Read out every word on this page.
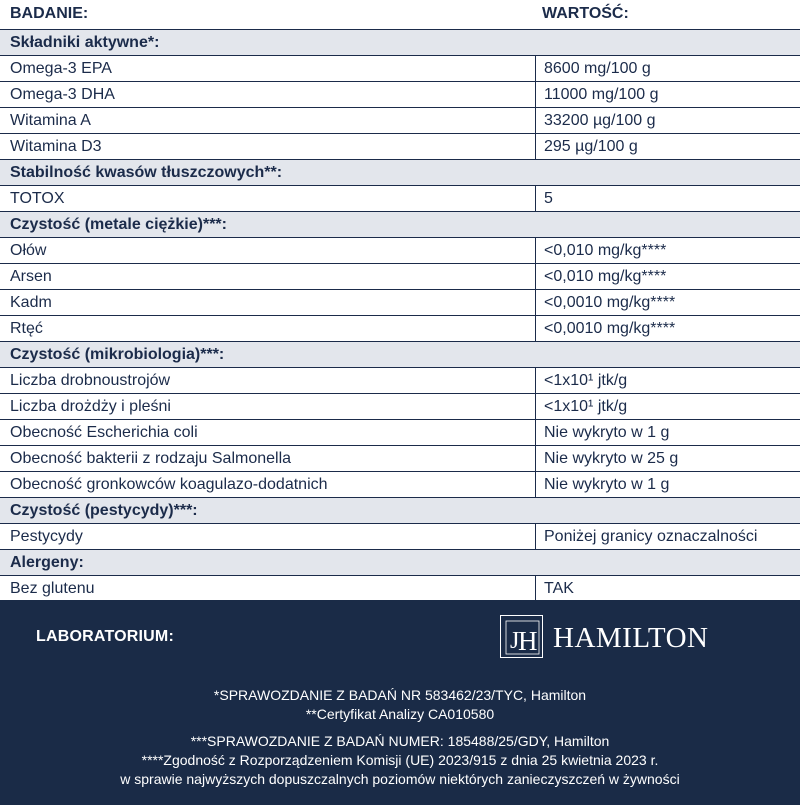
BADANIE:	WARTOŚĆ:
Składniki aktywne*:
Omega-3 EPA	8600 mg/100 g
Omega-3 DHA	11000 mg/100 g
Witamina A	33200 µg/100 g
Witamina D3	295 µg/100 g
Stabilność kwasów tłuszczowych**:
TOTOX	5
Czystość (metale ciężkie)***:
Ołów	<0,010 mg/kg****
Arsen	<0,010 mg/kg****
Kadm	<0,0010 mg/kg****
Rtęć	<0,0010 mg/kg****
Czystość (mikrobiologia)***:
Liczba drobnoustrojów	<1x10¹ jtk/g
Liczba drożdży i pleśni	<1x10¹ jtk/g
Obecność Escherichia coli	Nie wykryto w 1 g
Obecność bakterii z rodzaju Salmonella	Nie wykryto w 25 g
Obecność gronkowców koagulazo-dodatnich	Nie wykryto w 1 g
Czystość (pestycydy)***:
Pestycydy	Poniżej granicy oznaczalności
Alergeny:
Bez glutenu	TAK
LABORATORIUM:	J
H HAMILTON
*SPRAWOZDANIE Z BADAŃ NR 583462/23/TYC, Hamilton
**Certyfikat Analizy CA010580
***SPRAWOZDANIE Z BADAŃ NUMER: 185488/25/GDY, Hamilton
****Zgodność z Rozporządzeniem Komisji (UE) 2023/915 z dnia 25 kwietnia 2023 r.
w sprawie najwyższych dopuszczalnych poziomów niektórych zanieczyszczeń w żywności
